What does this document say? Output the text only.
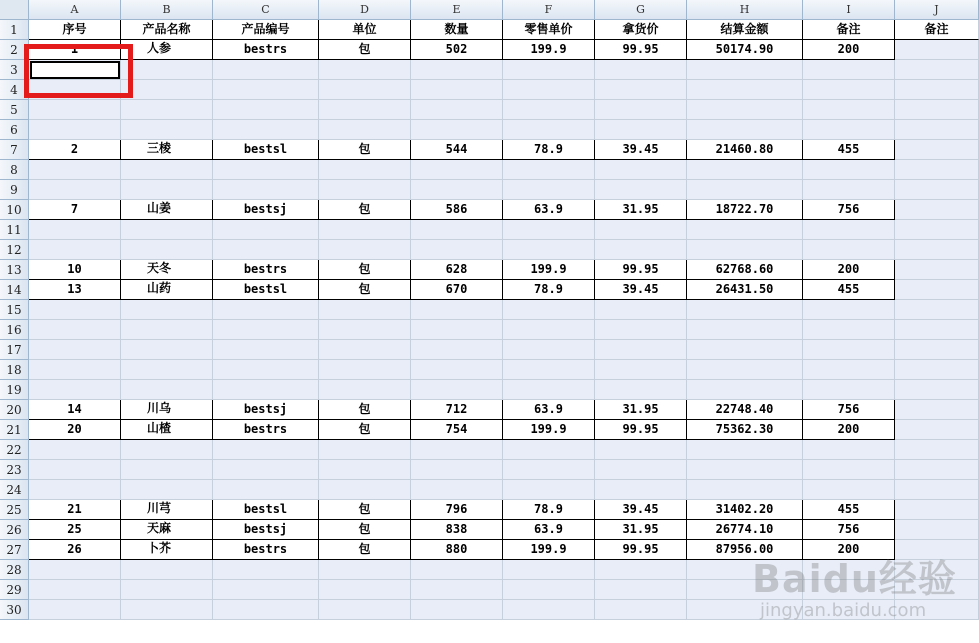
A	B	C	D	E	F	G	H	I	J
1
2
3
4
5
6
7
8
9
10
11
12
13
14
15
16
17
18
19
20
21
22
23
24
25
26
27
28
29
30
序号	产品名称	产品编号	单位	数量	零售单价	拿货价	结算金额	备注	备注
1	人参	bestrs	包	502	199.9	99.95	50174.90	200
2	三棱	bestsl	包	544	78.9	39.45	21460.80	455
7	山姜	bestsj	包	586	63.9	31.95	18722.70	756
10	天冬	bestrs	包	628	199.9	99.95	62768.60	200
13	山药	bestsl	包	670	78.9	39.45	26431.50	455
14	川乌	bestsj	包	712	63.9	31.95	22748.40	756
20	山楂	bestrs	包	754	199.9	99.95	75362.30	200
21	川芎	bestsl	包	796	78.9	39.45	31402.20	455
25	天麻	bestsj	包	838	63.9	31.95	26774.10	756
26	卜芥	bestrs	包	880	199.9	99.95	87956.00	200
Baidu经验
jingyan.baidu.com
